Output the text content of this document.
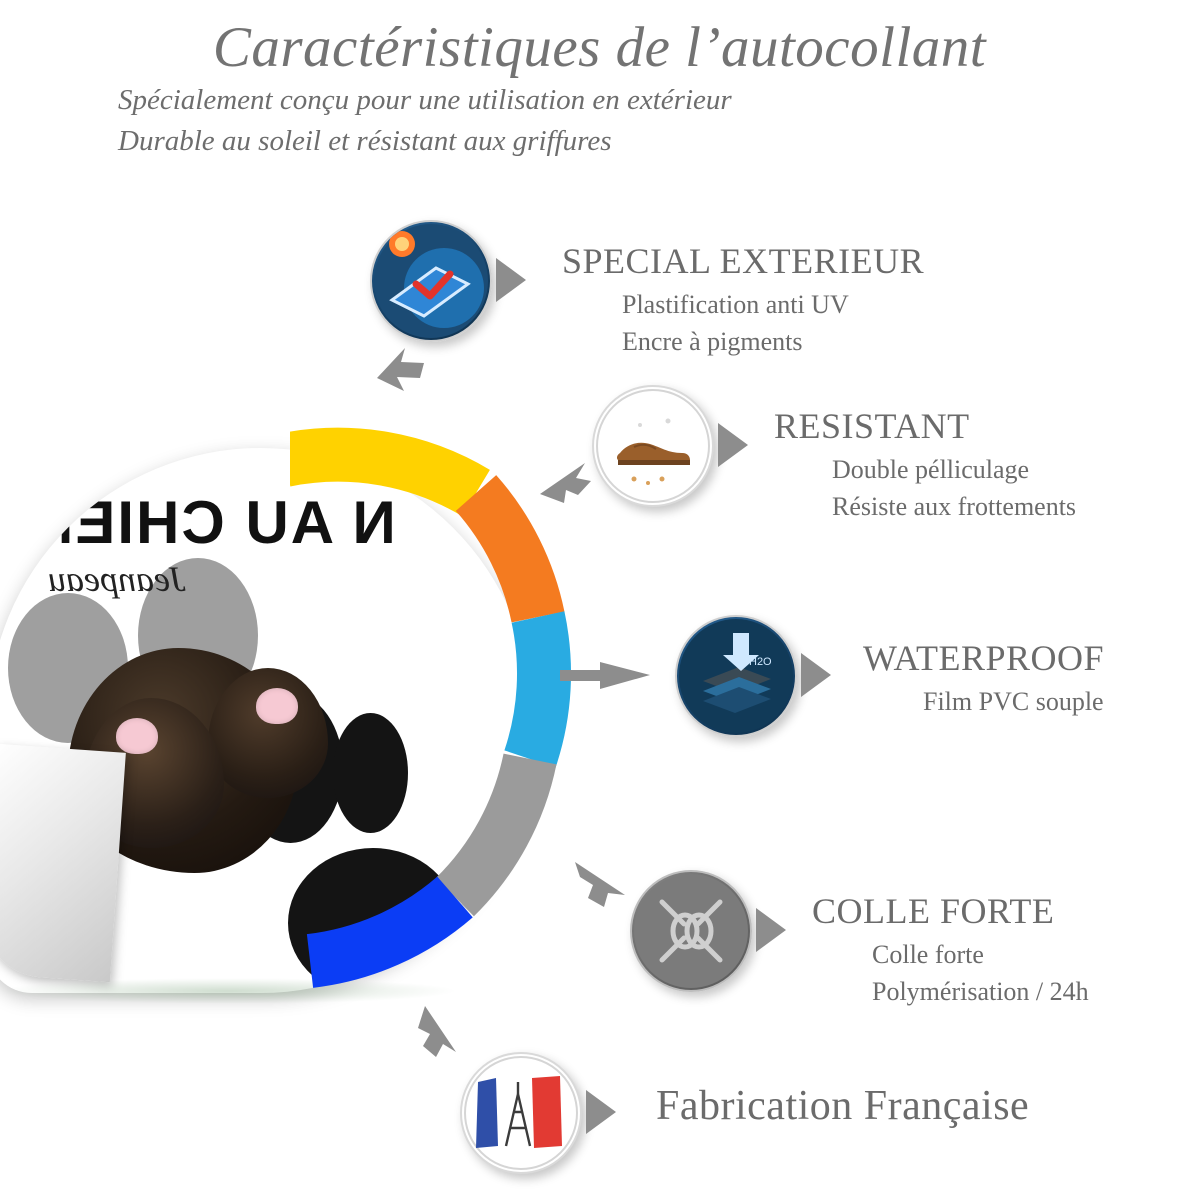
Caractéristiques de l’autocollant
Spécialement conçu pour une utilisation en extérieur
Durable au soleil et résistant aux griffures
N AU CHIEN
Jeanpeau
SPECIAL EXTERIEUR
Plastification anti UV
Encre à pigments
RESISTANT
Double pélliculage
Résiste aux frottements
H2O	WATERPROOF
Film PVC souple
COLLE FORTE
Colle forte
Polymérisation / 24h
Fabrication Française
